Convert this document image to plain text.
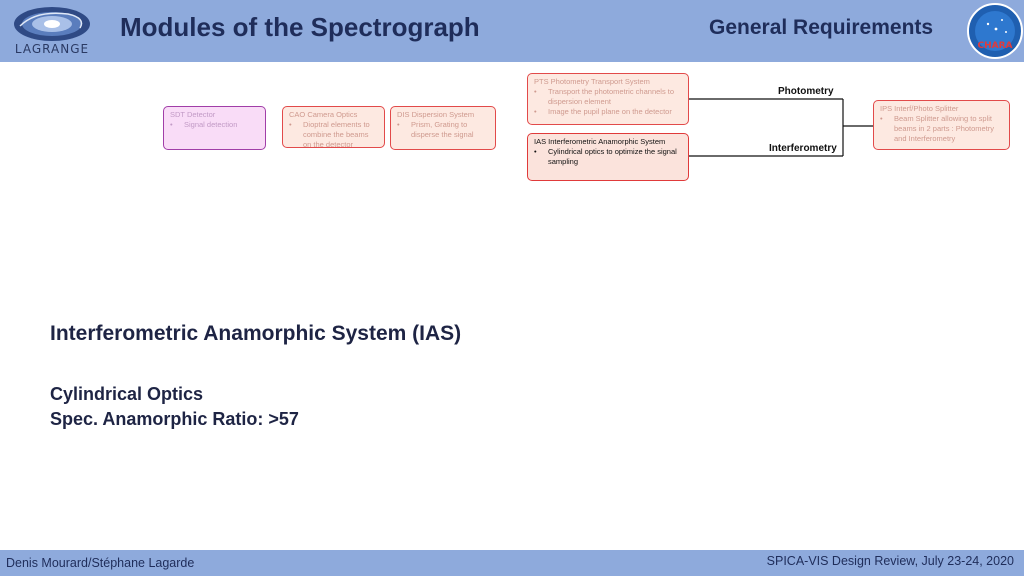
LAGRANGE
Modules of the Spectrograph	General Requirements
CHARA
SDT Detector
•	Signal detection
CAO Camera Optics
•	Dioptral elements to combine the beams on the detector
DIS Dispersion System
•	Prism, Grating to disperse the signal
PTS Photometry Transport System
•	Transport the photometric channels to dispersion element
•	Image the pupil plane on the detector
IAS Interferometric Anamorphic System
•	Cylindrical optics to optimize the signal sampling
IPS Interf/Photo Splitter
•	Beam Splitter allowing to split beams in 2 parts : Photometry and Interferometry
Photometry
Interferometry
Interferometric Anamorphic System (IAS)
Cylindrical Optics
Spec. Anamorphic Ratio: >57
Denis Mourard/Stéphane Lagarde	SPICA-VIS Design Review, July 23-24, 2020
